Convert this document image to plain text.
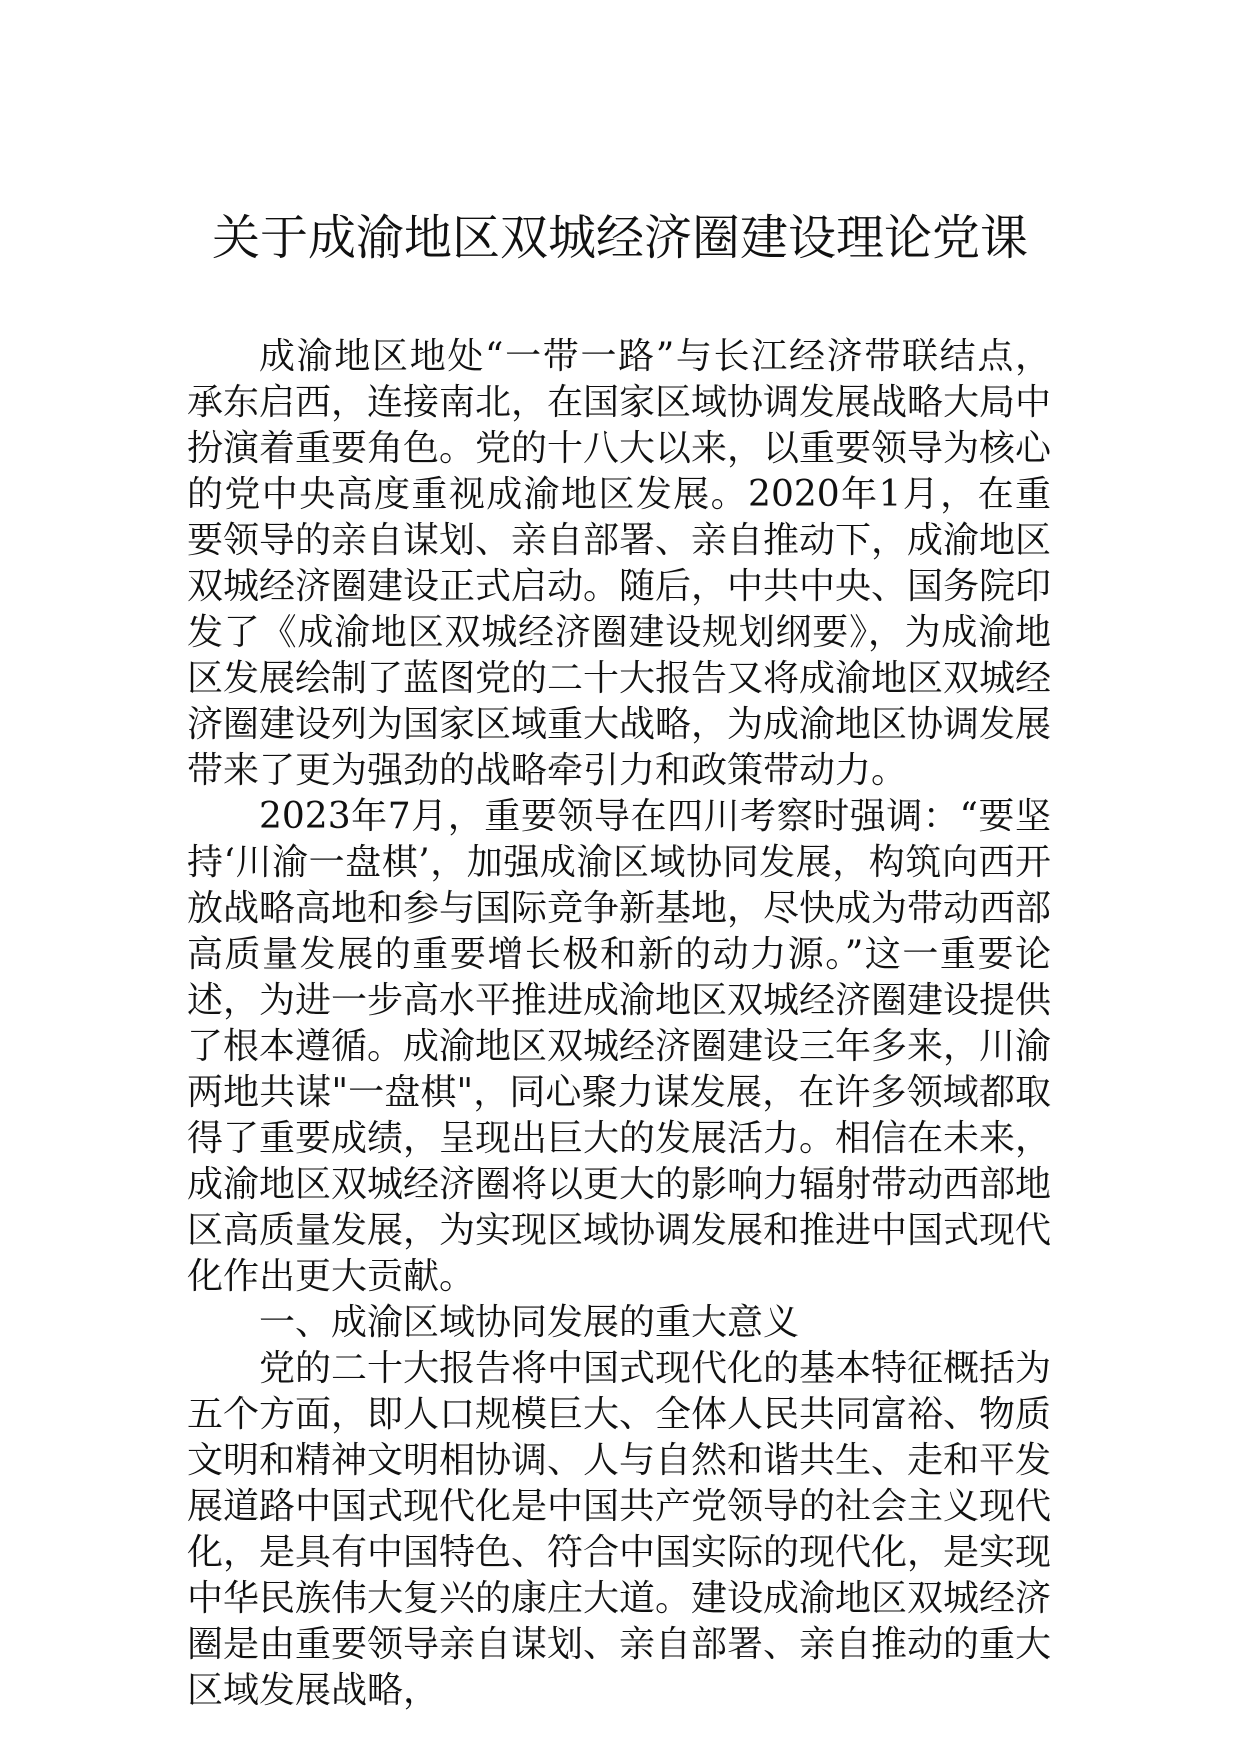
关于成渝地区双城经济圈建设理论党课

成渝地区地处“一带一路”与长江经济带联结点，承东启西，连接南北，在国家区域协调发展战略大局中扮演着重要角色。党的十八大以来，以重要领导为核心的党中央高度重视成渝地区发展。2020年1月，在重要领导的亲自谋划、亲自部署、亲自推动下，成渝地区双城经济圈建设正式启动。随后，中共中央、国务院印发了《成渝地区双城经济圈建设规划纲要》，为成渝地区发展绘制了蓝图党的二十大报告又将成渝地区双城经济圈建设列为国家区域重大战略，为成渝地区协调发展带来了更为强劲的战略牵引力和政策带动力。

2023年7月，重要领导在四川考察时强调：“要坚持‘川渝一盘棋’，加强成渝区域协同发展，构筑向西开放战略高地和参与国际竞争新基地，尽快成为带动西部高质量发展的重要增长极和新的动力源。”这一重要论述，为进一步高水平推进成渝地区双城经济圈建设提供了根本遵循。成渝地区双城经济圈建设三年多来，川渝两地共谋"一盘棋"，同心聚力谋发展，在许多领域都取得了重要成绩，呈现出巨大的发展活力。相信在未来，成渝地区双城经济圈将以更大的影响力辐射带动西部地区高质量发展，为实现区域协调发展和推进中国式现代化作出更大贡献。

一、成渝区域协同发展的重大意义

党的二十大报告将中国式现代化的基本特征概括为五个方面，即人口规模巨大、全体人民共同富裕、物质文明和精神文明相协调、人与自然和谐共生、走和平发展道路中国式现代化是中国共产党领导的社会主义现代化，是具有中国特色、符合中国实际的现代化，是实现中华民族伟大复兴的康庄大道。建设成渝地区双城经济圈是由重要领导亲自谋划、亲自部署、亲自推动的重大区域发展战略，
